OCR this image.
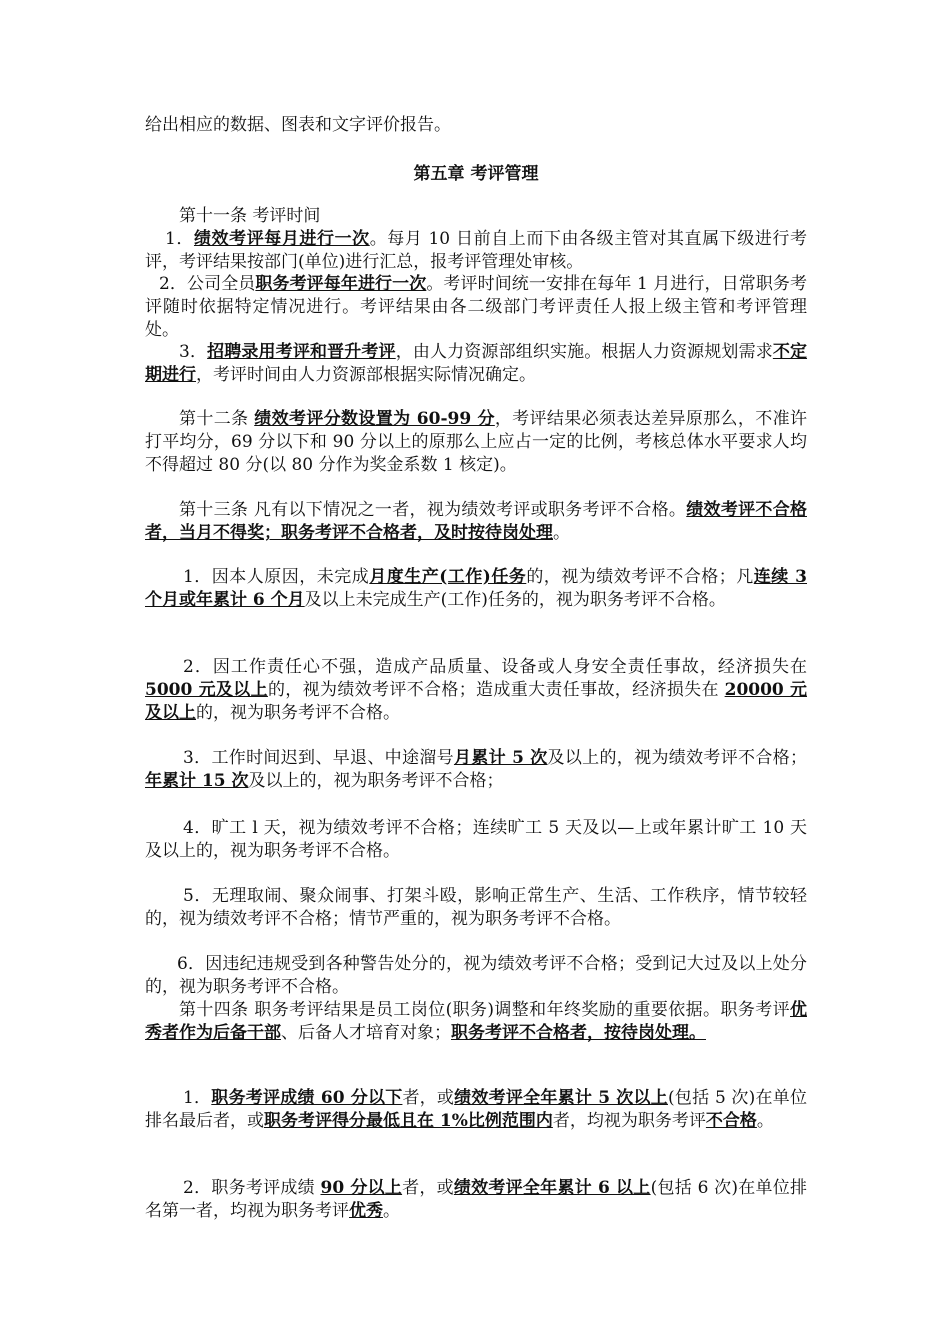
给出相应的数据、图表和文字评价报告。

第五章 考评管理

第十一条 考评时间

1．绩效考评每月进行一次。每月 10 日前自上而下由各级主管对其直属下级进行考评，考评结果按部门(单位)进行汇总，报考评管理处审核。

2．公司全员职务考评每年进行一次。考评时间统一安排在每年 1 月进行，日常职务考评随时依据特定情况进行。考评结果由各二级部门考评责任人报上级主管和考评管理处。

3．招聘录用考评和晋升考评，由人力资源部组织实施。根据人力资源规划需求不定期进行，考评时间由人力资源部根据实际情况确定。

第十二条 绩效考评分数设置为 60-99 分，考评结果必须表达差异原那么，不准许打平均分，69 分以下和 90 分以上的原那么上应占一定的比例，考核总体水平要求人均不得超过 80 分(以 80 分作为奖金系数 1 核定)。

第十三条 凡有以下情况之一者，视为绩效考评或职务考评不合格。绩效考评不合格者，当月不得奖；职务考评不合格者，及时按待岗处理。

1．因本人原因，未完成月度生产(工作)任务的，视为绩效考评不合格；凡连续 3 个月或年累计 6 个月及以上未完成生产(工作)任务的，视为职务考评不合格。

2．因工作责任心不强，造成产品质量、设备或人身安全责任事故，经济损失在 5000 元及以上的，视为绩效考评不合格；造成重大责任事故，经济损失在 20000 元及以上的，视为职务考评不合格。

3．工作时间迟到、早退、中途溜号月累计 5 次及以上的，视为绩效考评不合格；年累计 15 次及以上的，视为职务考评不合格；

4．旷工 l 天，视为绩效考评不合格；连续旷工 5 天及以—上或年累计旷工 10 天及以上的，视为职务考评不合格。

5．无理取闹、聚众闹事、打架斗殴，影响正常生产、生活、工作秩序，情节较轻的，视为绩效考评不合格；情节严重的，视为职务考评不合格。

6．因违纪违规受到各种警告处分的，视为绩效考评不合格；受到记大过及以上处分的，视为职务考评不合格。

第十四条 职务考评结果是员工岗位(职务)调整和年终奖励的重要依据。职务考评优秀者作为后备干部、后备人才培育对象；职务考评不合格者，按待岗处理。

1．职务考评成绩 60 分以下者，或绩效考评全年累计 5 次以上(包括 5 次)在单位排名最后者，或职务考评得分最低且在 1%比例范围内者，均视为职务考评不合格。

2．职务考评成绩 90 分以上者，或绩效考评全年累计 6 以上(包括 6 次)在单位排名第一者，均视为职务考评优秀。
